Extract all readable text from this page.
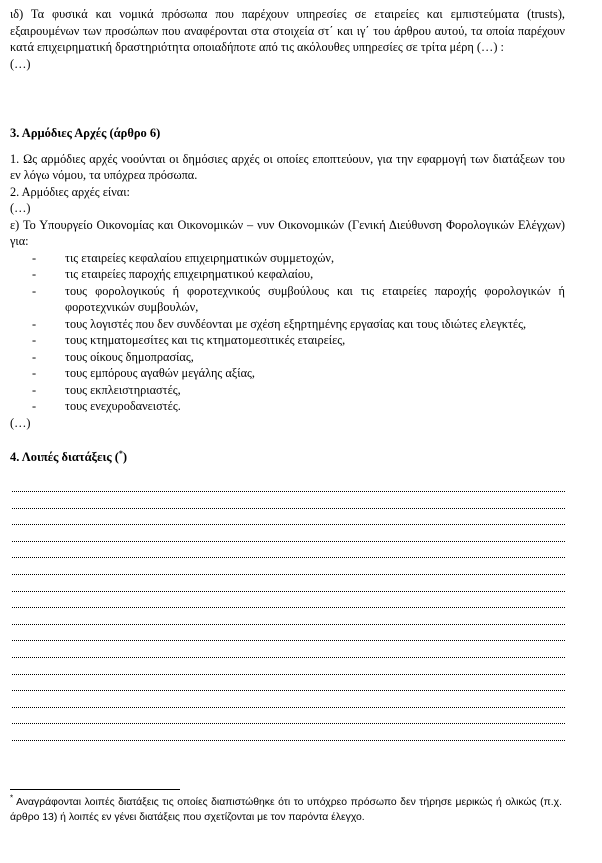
ιδ) Τα φυσικά και νομικά πρόσωπα που παρέχουν υπηρεσίες σε εταιρείες και εμπιστεύματα (trusts), εξαιρουμένων των προσώπων που αναφέρονται στα στοιχεία στ΄ και ιγ΄ του άρθρου αυτού, τα οποία παρέχουν κατά επιχειρηματική δραστηριότητα οποιαδήποτε από τις ακόλουθες υπηρεσίες σε τρίτα μέρη (…) :

(…)

3. Αρμόδιες Αρχές (άρθρο 6)

1. Ως αρμόδιες αρχές νοούνται οι δημόσιες αρχές οι οποίες εποπτεύουν, για την εφαρμογή των διατάξεων του εν λόγω νόμου, τα υπόχρεα πρόσωπα.

2. Αρμόδιες αρχές είναι:

(…)

ε) Το Υπουργείο Οικονομίας και Οικονομικών – νυν Οικονομικών (Γενική Διεύθυνση Φορολογικών Ελέγχων) για:

- τις εταιρείες κεφαλαίου επιχειρηματικών συμμετοχών,
- τις εταιρείες παροχής επιχειρηματικού κεφαλαίου,
- τους φορολογικούς ή φοροτεχνικούς συμβούλους και τις εταιρείες παροχής φορολογικών ή φοροτεχνικών συμβουλών,
- τους λογιστές που δεν συνδέονται με σχέση εξηρτημένης εργασίας και τους ιδιώτες ελεγκτές,
- τους κτηματομεσίτες και τις κτηματομεσιτικές εταιρείες,
- τους οίκους δημοπρασίας,
- τους εμπόρους αγαθών μεγάλης αξίας,
- τους εκπλειστηριαστές,
- τους ενεχυροδανειστές.

(…)

4. Λοιπές διατάξεις (*)

* Αναγράφονται λοιπές διατάξεις τις οποίες διαπιστώθηκε ότι το υπόχρεο πρόσωπο δεν τήρησε μερικώς ή ολικώς (π.χ. άρθρο 13) ή λοιπές εν γένει διατάξεις που σχετίζονται με τον παρόντα έλεγχο.
